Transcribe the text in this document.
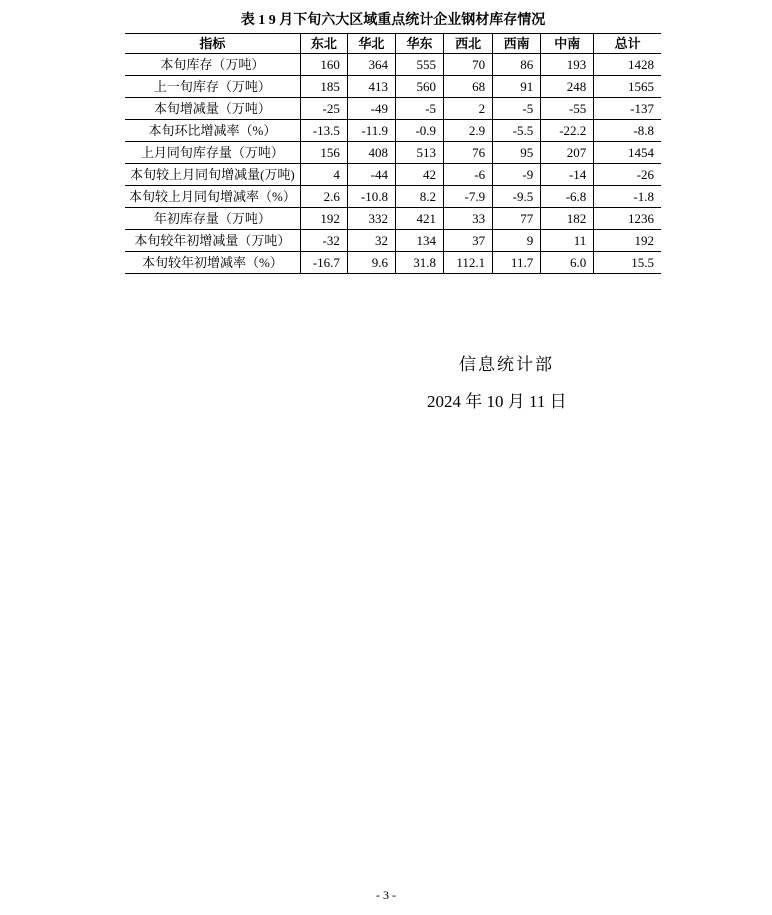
表 1 9 月下旬六大区域重点统计企业钢材库存情况
指标	东北	华北	华东	西北	西南	中南	总计
本旬库存（万吨）	160	364	555	70	86	193	1428
上一旬库存（万吨）	185	413	560	68	91	248	1565
本旬增减量（万吨）	-25	-49	-5	2	-5	-55	-137
本旬环比增减率（%）	-13.5	-11.9	-0.9	2.9	-5.5	-22.2	-8.8
上月同旬库存量（万吨）	156	408	513	76	95	207	1454
本旬较上月同旬增减量(万吨)	4	-44	42	-6	-9	-14	-26
本旬较上月同旬增减率（%）	2.6	-10.8	8.2	-7.9	-9.5	-6.8	-1.8
年初库存量（万吨）	192	332	421	33	77	182	1236
本旬较年初增减量（万吨）	-32	32	134	37	9	11	192
本旬较年初增减率（%）	-16.7	9.6	31.8	112.1	11.7	6.0	15.5
信息统计部
2024 年 10 月 11 日
- 3 -
